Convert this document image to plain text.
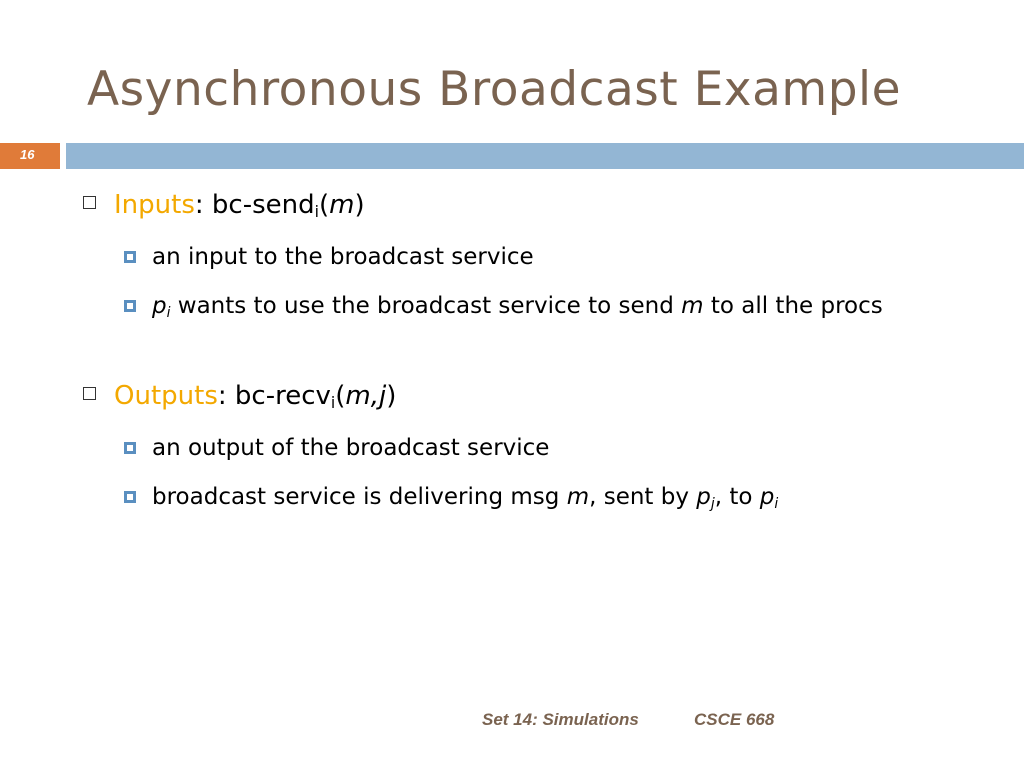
Asynchronous Broadcast Example
16
Inputs: bc-send$_i$(m)
an input to the broadcast service
$p_i$ wants to use the broadcast service to send m to all the procs
Outputs: bc-recv$_i$(m,j)
an output of the broadcast service
broadcast service is delivering msg m, sent by $p_j$, to $p_i$
Set 14: Simulations	CSCE 668
